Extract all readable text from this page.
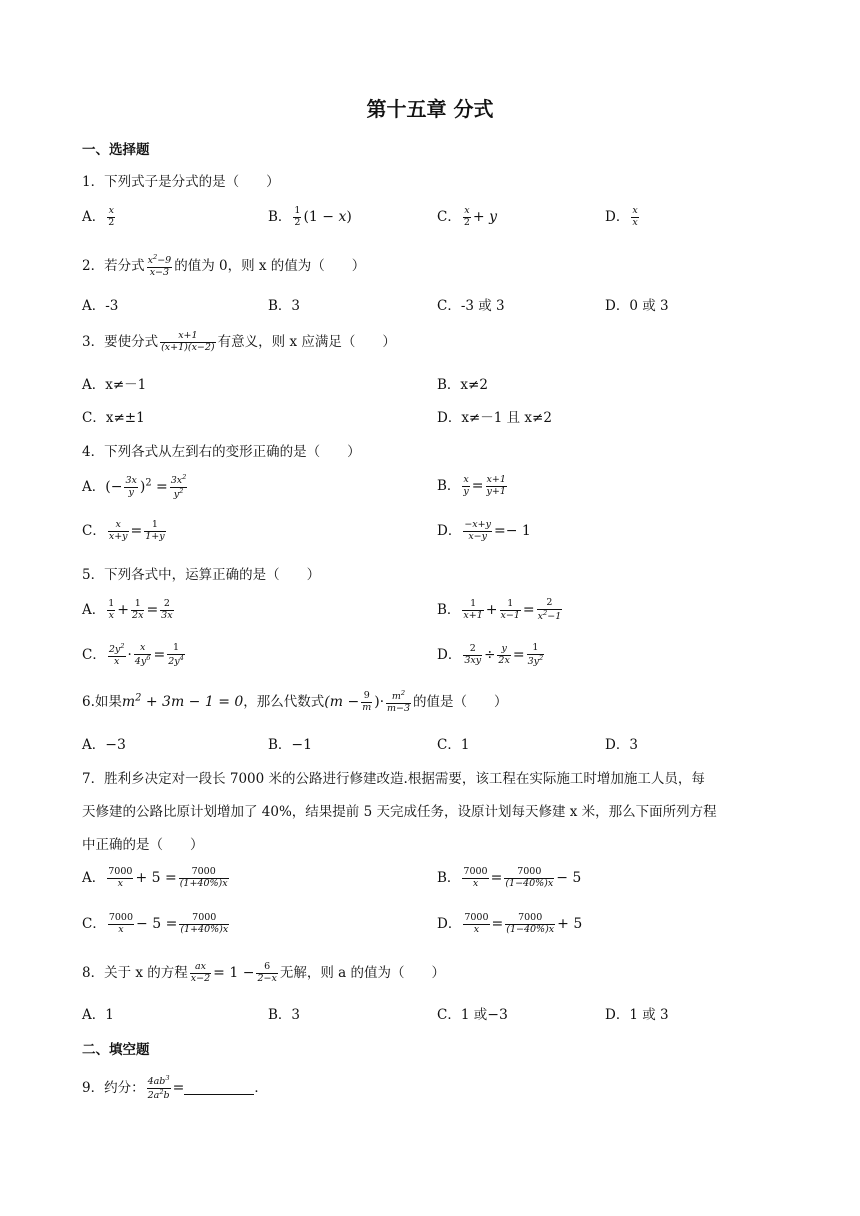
第十五章 分式
一、选择题
1．下列式子是分式的是（　　）
A． $\frac{x}{2}$	B． $\frac{1}{2} (1 - x)$	C． $\frac{x}{2} + y$	D． $\frac{x}{x}$
2．若分式 $\frac{x^2-9}{x-3}$ 的值为 0，则 x 的值为（　　）
A．-3	B．3	C．-3 或 3	D．0 或 3
3．要使分式 $\frac{x+1}{(x+1)(x-2)}$ 有意义，则 x 应满足（　　）
A．x≠－1	B．x≠2
C．x≠±1	D．x≠－1 且 x≠2
4．下列各式从左到右的变形正确的是（　　）
A．(− $\frac{3x}{y} )^2 = \frac{3x^2}{y^2}$	B． $\frac{x}{y} = \frac{x+1}{y+1}$
C． $\frac{x}{x+y} = \frac{1}{1+y}$	D． $\frac{-x+y}{x-y} =- 1$
5．下列各式中，运算正确的是（　　）
A． $\frac{1}{x} + \frac{1}{2x} = \frac{2}{3x}$	B． $\frac{1}{x+1} + \frac{1}{x-1} = \frac{2}{x^2-1}$
C． $\frac{2y^2}{x} \cdot \frac{x}{4y^6} = \frac{1}{2y^4}$	D． $\frac{2}{3xy} \div \frac{y}{2x} = \frac{1}{3y^2}$
6.如果$m^2 + 3m - 1 = 0$，那么代数式($m - \frac{9}{m}$ )· $\frac{m^2}{m-3}$ 的值是（　　）
A．−3	B．−1	C．1	D．3
7．胜利乡决定对一段长 7000 米的公路进行修建改造.根据需要，该工程在实际施工时增加施工人员，每
天修建的公路比原计划增加了 40%，结果提前 5 天完成任务，设原计划每天修建 x 米，那么下面所列方程
中正确的是（　　）
A． $\frac{7000}{x} + 5 = \frac{7000}{(1+40\%)x}$	B． $\frac{7000}{x} = \frac{7000}{(1-40\%)x} - 5$
C． $\frac{7000}{x} - 5 = \frac{7000}{(1+40\%)x}$	D． $\frac{7000}{x} = \frac{7000}{(1-40\%)x} + 5$
8．关于 x 的方程 $\frac{ax}{x-2} = 1 - \frac{6}{2-x}$ 无解，则 a 的值为（　　）
A．1	B．3	C．1 或−3	D．1 或 3
二、填空题
9．约分： $\frac{4ab^3}{2a^2b}$ =	．
